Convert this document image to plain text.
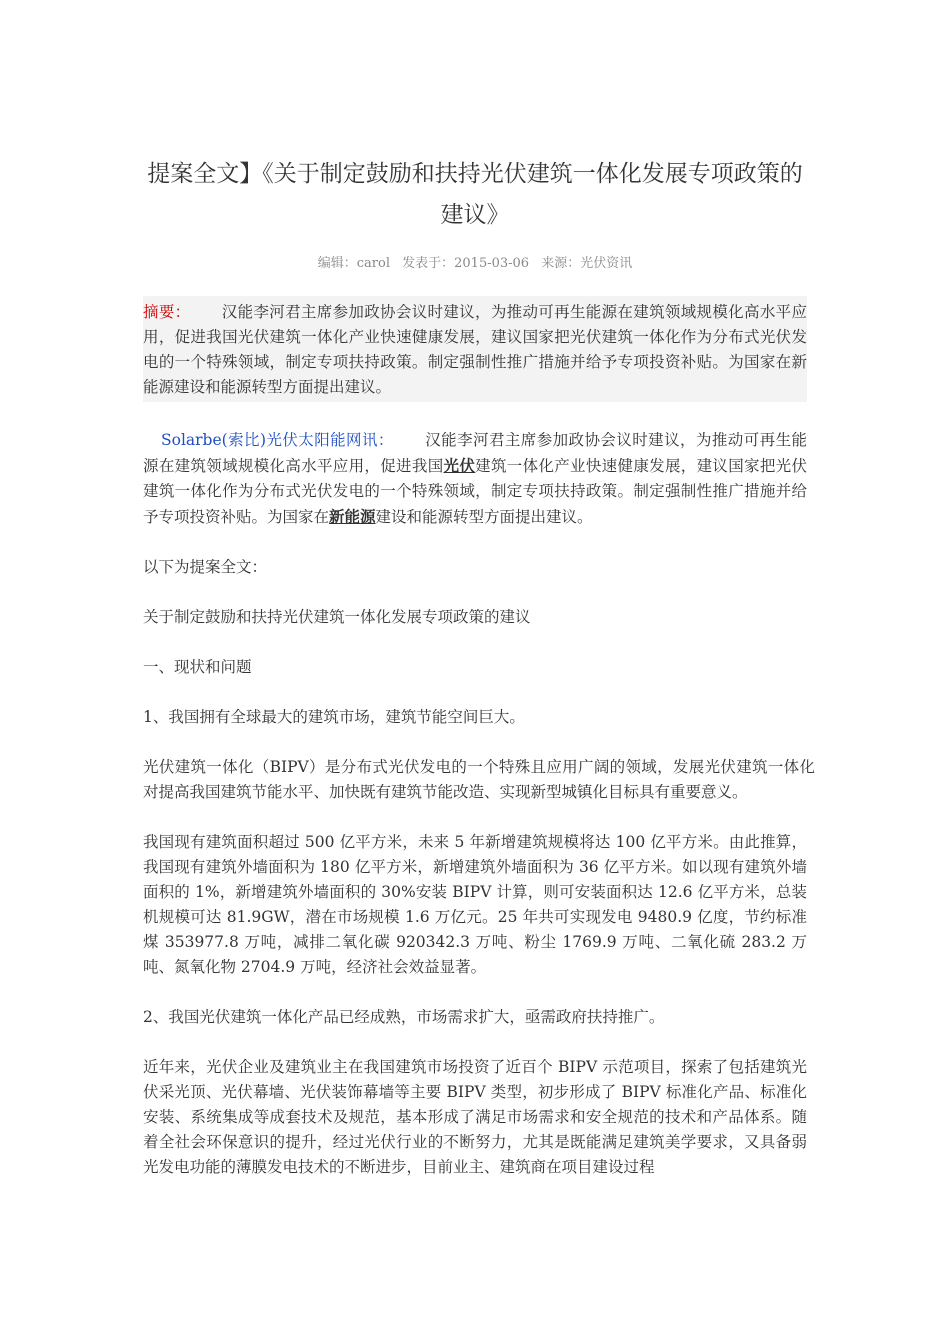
提案全文】《关于制定鼓励和扶持光伏建筑一体化发展专项政策的建议》
编辑：carol 发表于：2015-03-06 来源：光伏资讯
摘要：   汉能李河君主席参加政协会议时建议，为推动可再生能源在建筑领域规模化高水平应用，促进我国光伏建筑一体化产业快速健康发展，建议国家把光伏建筑一体化作为分布式光伏发电的一个特殊领域，制定专项扶持政策。制定强制性推广措施并给予专项投资补贴。为国家在新能源建设和能源转型方面提出建议。

Solarbe(索比)光伏太阳能网讯：   汉能李河君主席参加政协会议时建议，为推动可再生能源在建筑领域规模化高水平应用，促进我国光伏建筑一体化产业快速健康发展，建议国家把光伏建筑一体化作为分布式光伏发电的一个特殊领域，制定专项扶持政策。制定强制性推广措施并给予专项投资补贴。为国家在新能源建设和能源转型方面提出建议。

以下为提案全文：

关于制定鼓励和扶持光伏建筑一体化发展专项政策的建议

一、现状和问题

1、我国拥有全球最大的建筑市场，建筑节能空间巨大。

光伏建筑一体化（BIPV）是分布式光伏发电的一个特殊且应用广阔的领域，发展光伏建筑一体化对提高我国建筑节能水平、加快既有建筑节能改造、实现新型城镇化目标具有重要意义。

我国现有建筑面积超过 500 亿平方米，未来 5 年新增建筑规模将达 100 亿平方米。由此推算，我国现有建筑外墙面积为 180 亿平方米，新增建筑外墙面积为 36 亿平方米。如以现有建筑外墙面积的 1%，新增建筑外墙面积的 30%安装 BIPV 计算，则可安装面积达 12.6 亿平方米，总装机规模可达 81.9GW，潜在市场规模 1.6 万亿元。25 年共可实现发电 9480.9 亿度，节约标准煤 353977.8 万吨，减排二氧化碳 920342.3 万吨、粉尘 1769.9 万吨、二氧化硫 283.2 万吨、氮氧化物 2704.9 万吨，经济社会效益显著。

2、我国光伏建筑一体化产品已经成熟，市场需求扩大，亟需政府扶持推广。

近年来，光伏企业及建筑业主在我国建筑市场投资了近百个 BIPV 示范项目，探索了包括建筑光伏采光顶、光伏幕墙、光伏装饰幕墙等主要 BIPV 类型，初步形成了 BIPV 标准化产品、标准化安装、系统集成等成套技术及规范，基本形成了满足市场需求和安全规范的技术和产品体系。随着全社会环保意识的提升，经过光伏行业的不断努力，尤其是既能满足建筑美学要求，又具备弱光发电功能的薄膜发电技术的不断进步，目前业主、建筑商在项目建设过程
